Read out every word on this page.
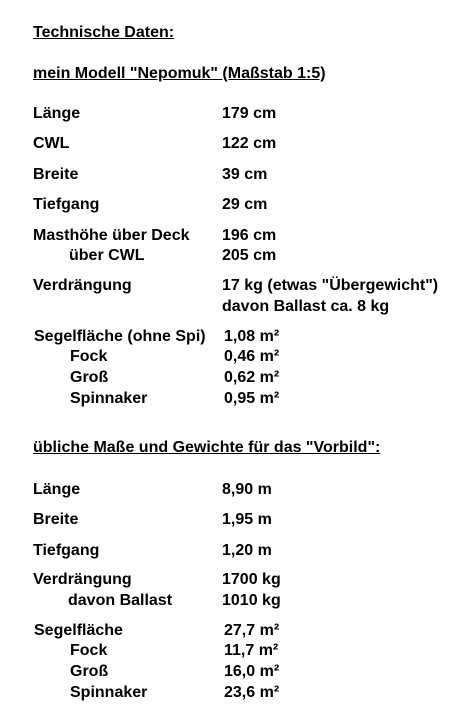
Technische Daten:
mein Modell "Nepomuk" (Maßstab 1:5)
Länge	179 cm
CWL	122 cm
Breite	39 cm
Tiefgang	29 cm
Masthöhe über Deck 196 cm
über CWL	205 cm
Verdrängung	17 kg (etwas "Übergewicht")
davon Ballast ca. 8 kg
Segelfläche (ohne Spi) 1,08 m²
Fock	0,46 m²
Groß	0,62 m²
Spinnaker	0,95 m²
übliche Maße und Gewichte für das "Vorbild":
Länge	8,90 m
Breite	1,95 m
Tiefgang	1,20 m
Verdrängung	1700 kg
davon Ballast	1010 kg
Segelfläche	27,7 m²
Fock	11,7 m²
Groß	16,0 m²
Spinnaker	23,6 m²
